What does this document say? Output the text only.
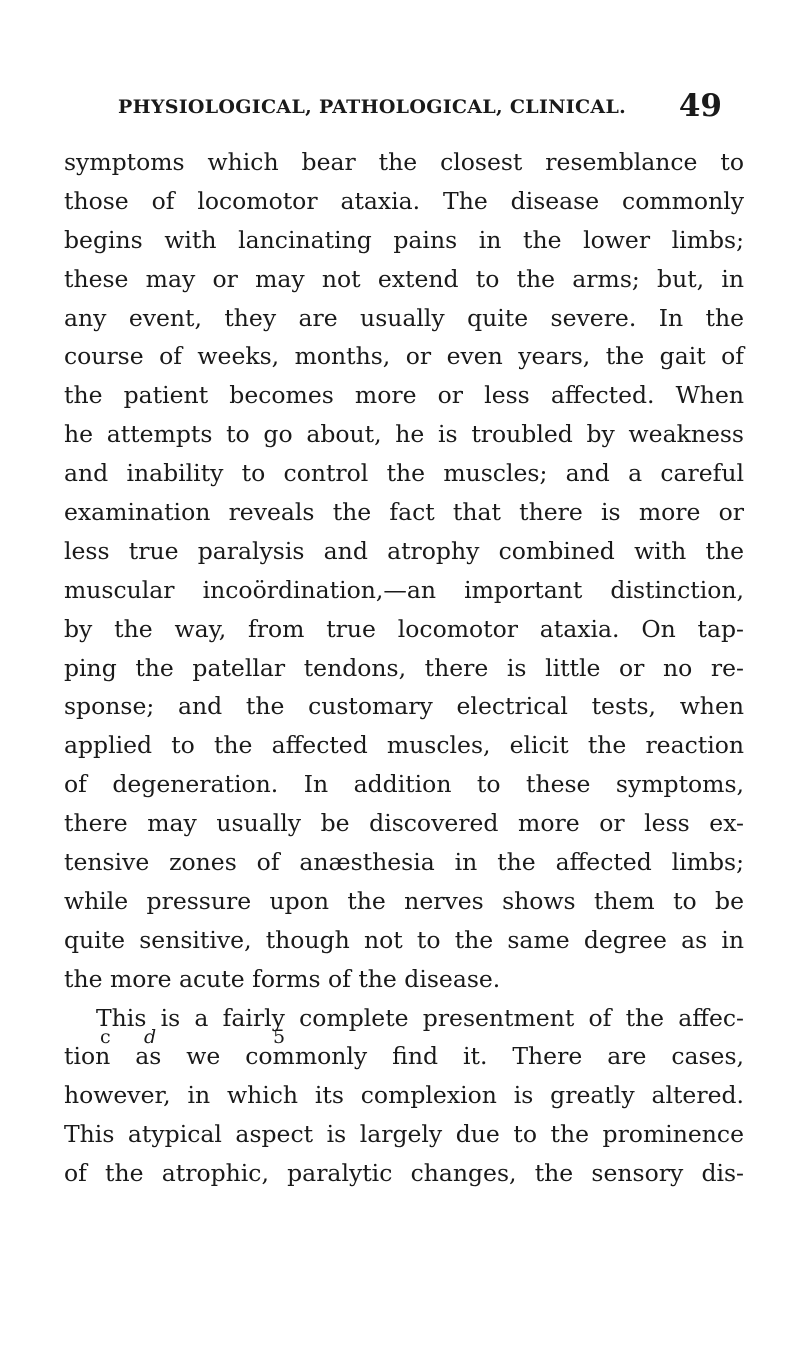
PHYSIOLOGICAL, PATHOLOGICAL, CLINICAL. 49
symptoms which bear the closest resemblance to
those of locomotor ataxia. The disease commonly
begins with lancinating pains in the lower limbs;
these may or may not extend to the arms; but, in
any event, they are usually quite severe. In the
course of weeks, months, or even years, the gait of
the patient becomes more or less affected. When
he attempts to go about, he is troubled by weakness
and inability to control the muscles; and a careful
examination reveals the fact that there is more or
less true paralysis and atrophy combined with the
muscular incoördination,—an important distinction,
by the way, from true locomotor ataxia. On tap-
ping the patellar tendons, there is little or no re-
sponse; and the customary electrical tests, when
applied to the affected muscles, elicit the reaction
of degeneration. In addition to these symptoms,
there may usually be discovered more or less ex-
tensive zones of anæsthesia in the affected limbs;
while pressure upon the nerves shows them to be
quite sensitive, though not to the same degree as in
the more acute forms of the disease.
This is a fairly complete presentment of the affec-
tion as we commonly find it. There are cases,
however, in which its complexion is greatly altered.
This atypical aspect is largely due to the prominence
of the atrophic, paralytic changes, the sensory dis-
c d	5
